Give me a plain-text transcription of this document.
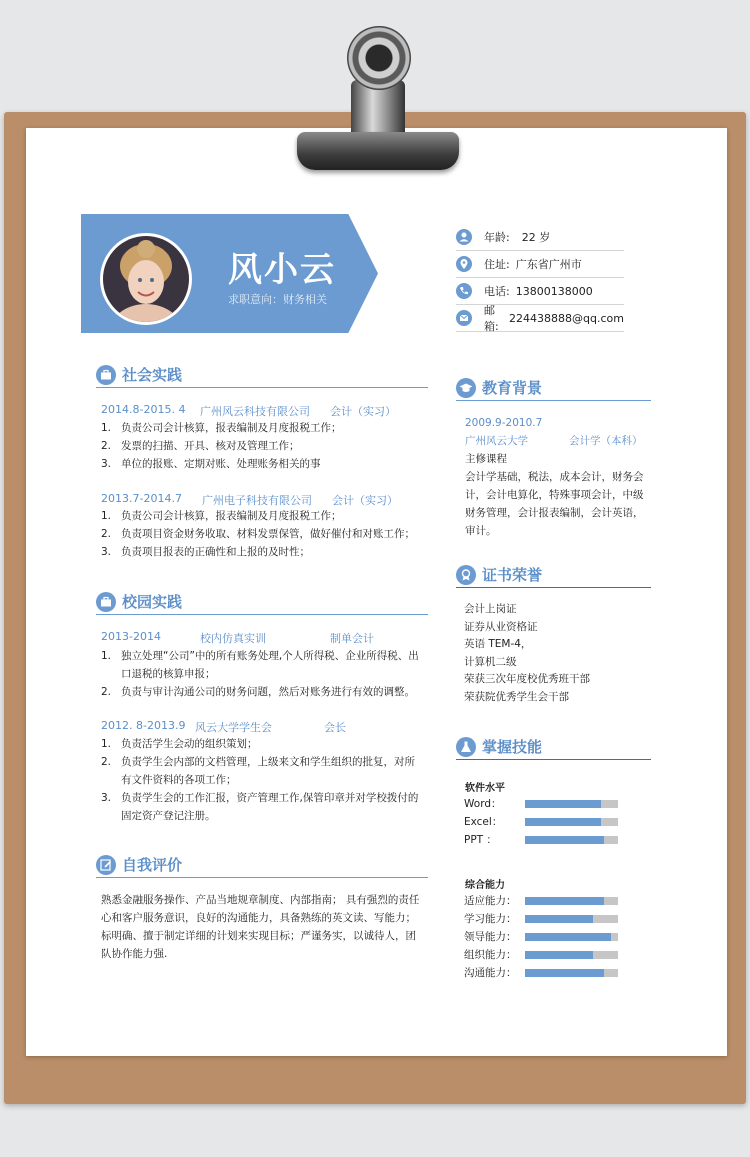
风小云
求职意向：财务相关
年龄: 22 岁
住址: 广东省广州市
电话: 13800138000
邮箱:
224438888@qq.com
社会实践
2014.8-2015. 4 广州风云科技有限公司 会计（实习）
1. 负责公司会计核算，报表编制及月度报税工作；
2. 发票的扫描、开具、核对及管理工作；
3. 单位的报账、定期对账、处理账务相关的事
2013.7-2014.7 广州电子科技有限公司 会计（实习）
1. 负责公司会计核算，报表编制及月度报税工作；
2. 负责项目资金财务收取、材料发票保管，做好催付和对账工作；
3. 负责项目报表的正确性和上报的及时性；
校园实践
2013-2014	校内仿真实训	制单会计
1. 独立处理“公司”中的所有账务处理,个人所得税、企业所得税、出口退税的核算申报；
2. 负责与审计沟通公司的财务问题，然后对账务进行有效的调整。
2012. 8-2013.9 风云大学学生会	会长
1. 负责活学生会动的组织策划；
2. 负责学生会内部的文档管理，上级来文和学生组织的批复，对所有文件资料的各项工作；
3. 负责学生会的工作汇报，资产管理工作,保管印章并对学校拨付的固定资产登记注册。
自我评价
熟悉金融服务操作、产品当地规章制度、内部指南； 具有强烈的责任心和客户服务意识，良好的沟通能力，具备熟练的英文读、写能力； 标明确、擅于制定详细的计划来实现目标；严谨务实，以诚待人，团队协作能力强.
教育背景
2009.9-2010.7
广州风云大学	会计学（本科）
主修课程
会计学基础，税法，成本会计，财务会计，会计电算化，特殊事项会计，中级财务管理，会计报表编制，会计英语，审计。
证书荣誉
会计上岗证
证券从业资格证
英语 TEM-4，
计算机二级
荣获三次年度校优秀班干部
荣获院优秀学生会干部
掌握技能
软件水平
Word：
Excel：
PPT ：
综合能力
适应能力：
学习能力：
领导能力：
组织能力：
沟通能力：
